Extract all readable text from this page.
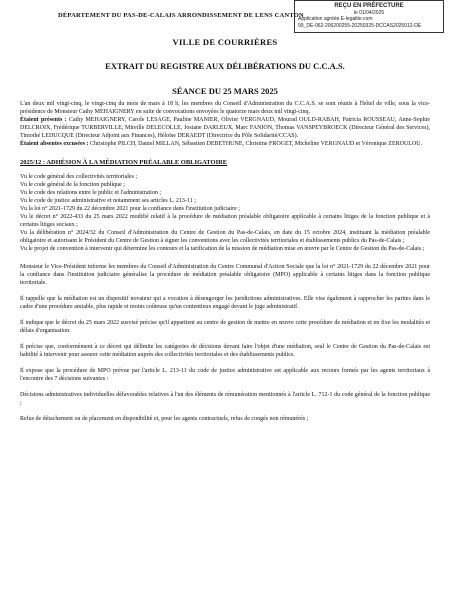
REÇU EN PRÉFECTURE
le 01/04/2025
Application agréée E-legalite.com
99_DE-062-206200255-20250325-DCCAS2025012-DE
DÉPARTEMENT DU PAS-DE-CALAIS ARRONDISSEMENT DE LENS CANTON
VILLE DE COURRIÈRES
EXTRAIT DU REGISTRE AUX DÉLIBÉRATIONS DU C.C.A.S.
SÉANCE DU 25 MARS 2025

L'an deux mil vingt-cinq, le vingt-cinq du mois de mars à 18 h, les membres du Conseil d'Administration du C.C.A.S. se sont réunis à l'hôtel de ville, sous la vice-présidence de Monsieur Cathy MEHAIGNERY en suite de convocations envoyées le quatorze mars deux mil vingt-cinq.

Étaient présents : Cathy MEHAIGNERY, Carole LESAGE, Pauline MANIER, Olivier VERGNAUD, Mourad OULD-RABAH, Patricia ROUSSEAU, Anne-Sophie DELCROIX, Frédérique TURBERVILLE, Mireille DELECOLLE, Josiane DARLEUX, Marc FANION, Thomas VANSPEYBROECK (Directeur Général des Services), Timothé LEDUCQUE (Directeur Adjoint aux Finances), Héloïse DERAEDT (Directrice du Pôle Solidarité/CCAS).

Étaient absentes excusées : Christophe PILCH, Daniel MILLAN, Sébastien DEBETHUNE, Christine FROGET, Micheline VERGNAUD et Véronique ZEROULOU.

2025/12 : ADHÉSION À LA MÉDIATION PRÉALABLE OBLIGATOIRE

Vu le code général des collectivités territoriales ;

Vu le code général de la fonction publique ;

Vu le code des relations entre le public et l'administration ;

Vu le code de justice administrative et notamment ses articles L. 213-11 ;

Vu la loi n° 2021-1729 du 22 décembre 2021 pour la confiance dans l'institution judiciaire ;

Vu le décret n° 2022-433 du 25 mars 2022 modifié relatif à la procédure de médiation préalable obligatoire applicable à certains litiges de la fonction publique et à certains litiges sociaux ;

Vu la délibération n° 2024/32 du Conseil d'Administration du Centre de Gestion du Pas-de-Calais, en date du 15 octobre 2024, instituant la médiation préalable obligatoire et autorisant le Président du Centre de Gestion à signer les conventions avec les collectivités territoriales et établissements publics du Pas-de-Calais ;

Vu le projet de convention à intervenir qui détermine les contours et la tarification de la mission de médiation mise en œuvre par le Centre de Gestion du Pas-de-Calais ;

Monsieur le Vice-Président informe les membres du Conseil d'Administration du Centre Communal d'Action Sociale que la loi n° 2021-1729 du 22 décembre 2021 pour la confiance dans l'institution judiciaire généralise la procédure de médiation préalable obligatoire (MPO) applicable à certains litiges dans la fonction publique territoriale.

Il rappelle que la médiation est un dispositif novateur qui a vocation à désengorger les juridictions administratives. Elle vise également à rapprocher les parties dans le cadre d'une procédure amiable, plus rapide et moins coûteuse qu'un contentieux engagé devant le juge administratif.

Il indique que le décret du 25 mars 2022 susvisé précise qu'il appartient au centre de gestion de mettre en œuvre cette procédure de médiation et en fixe les modalités et délais d'organisation.

Il précise que, conformément à ce décret qui délimite les catégories de décisions devant faire l'objet d'une médiation, seul le Centre de Gestion du Pas-de-Calais est habilité à intervenir pour assurer cette médiation auprès des collectivités territoriales et des établissements publics.

Il expose que la procédure de MPO prévue par l'article L. 213-11 du code de justice administrative est applicable aux recours formés par les agents territoriaux à l'encontre des 7 décisions suivantes :

Décisions administratives individuelles défavorables relatives à l'un des éléments de rémunération mentionnés à l'article L. 712-1 du code général de la fonction publique ;

Refus de détachement ou de placement en disponibilité et, pour les agents contractuels, refus de congés non rémunérés ;
